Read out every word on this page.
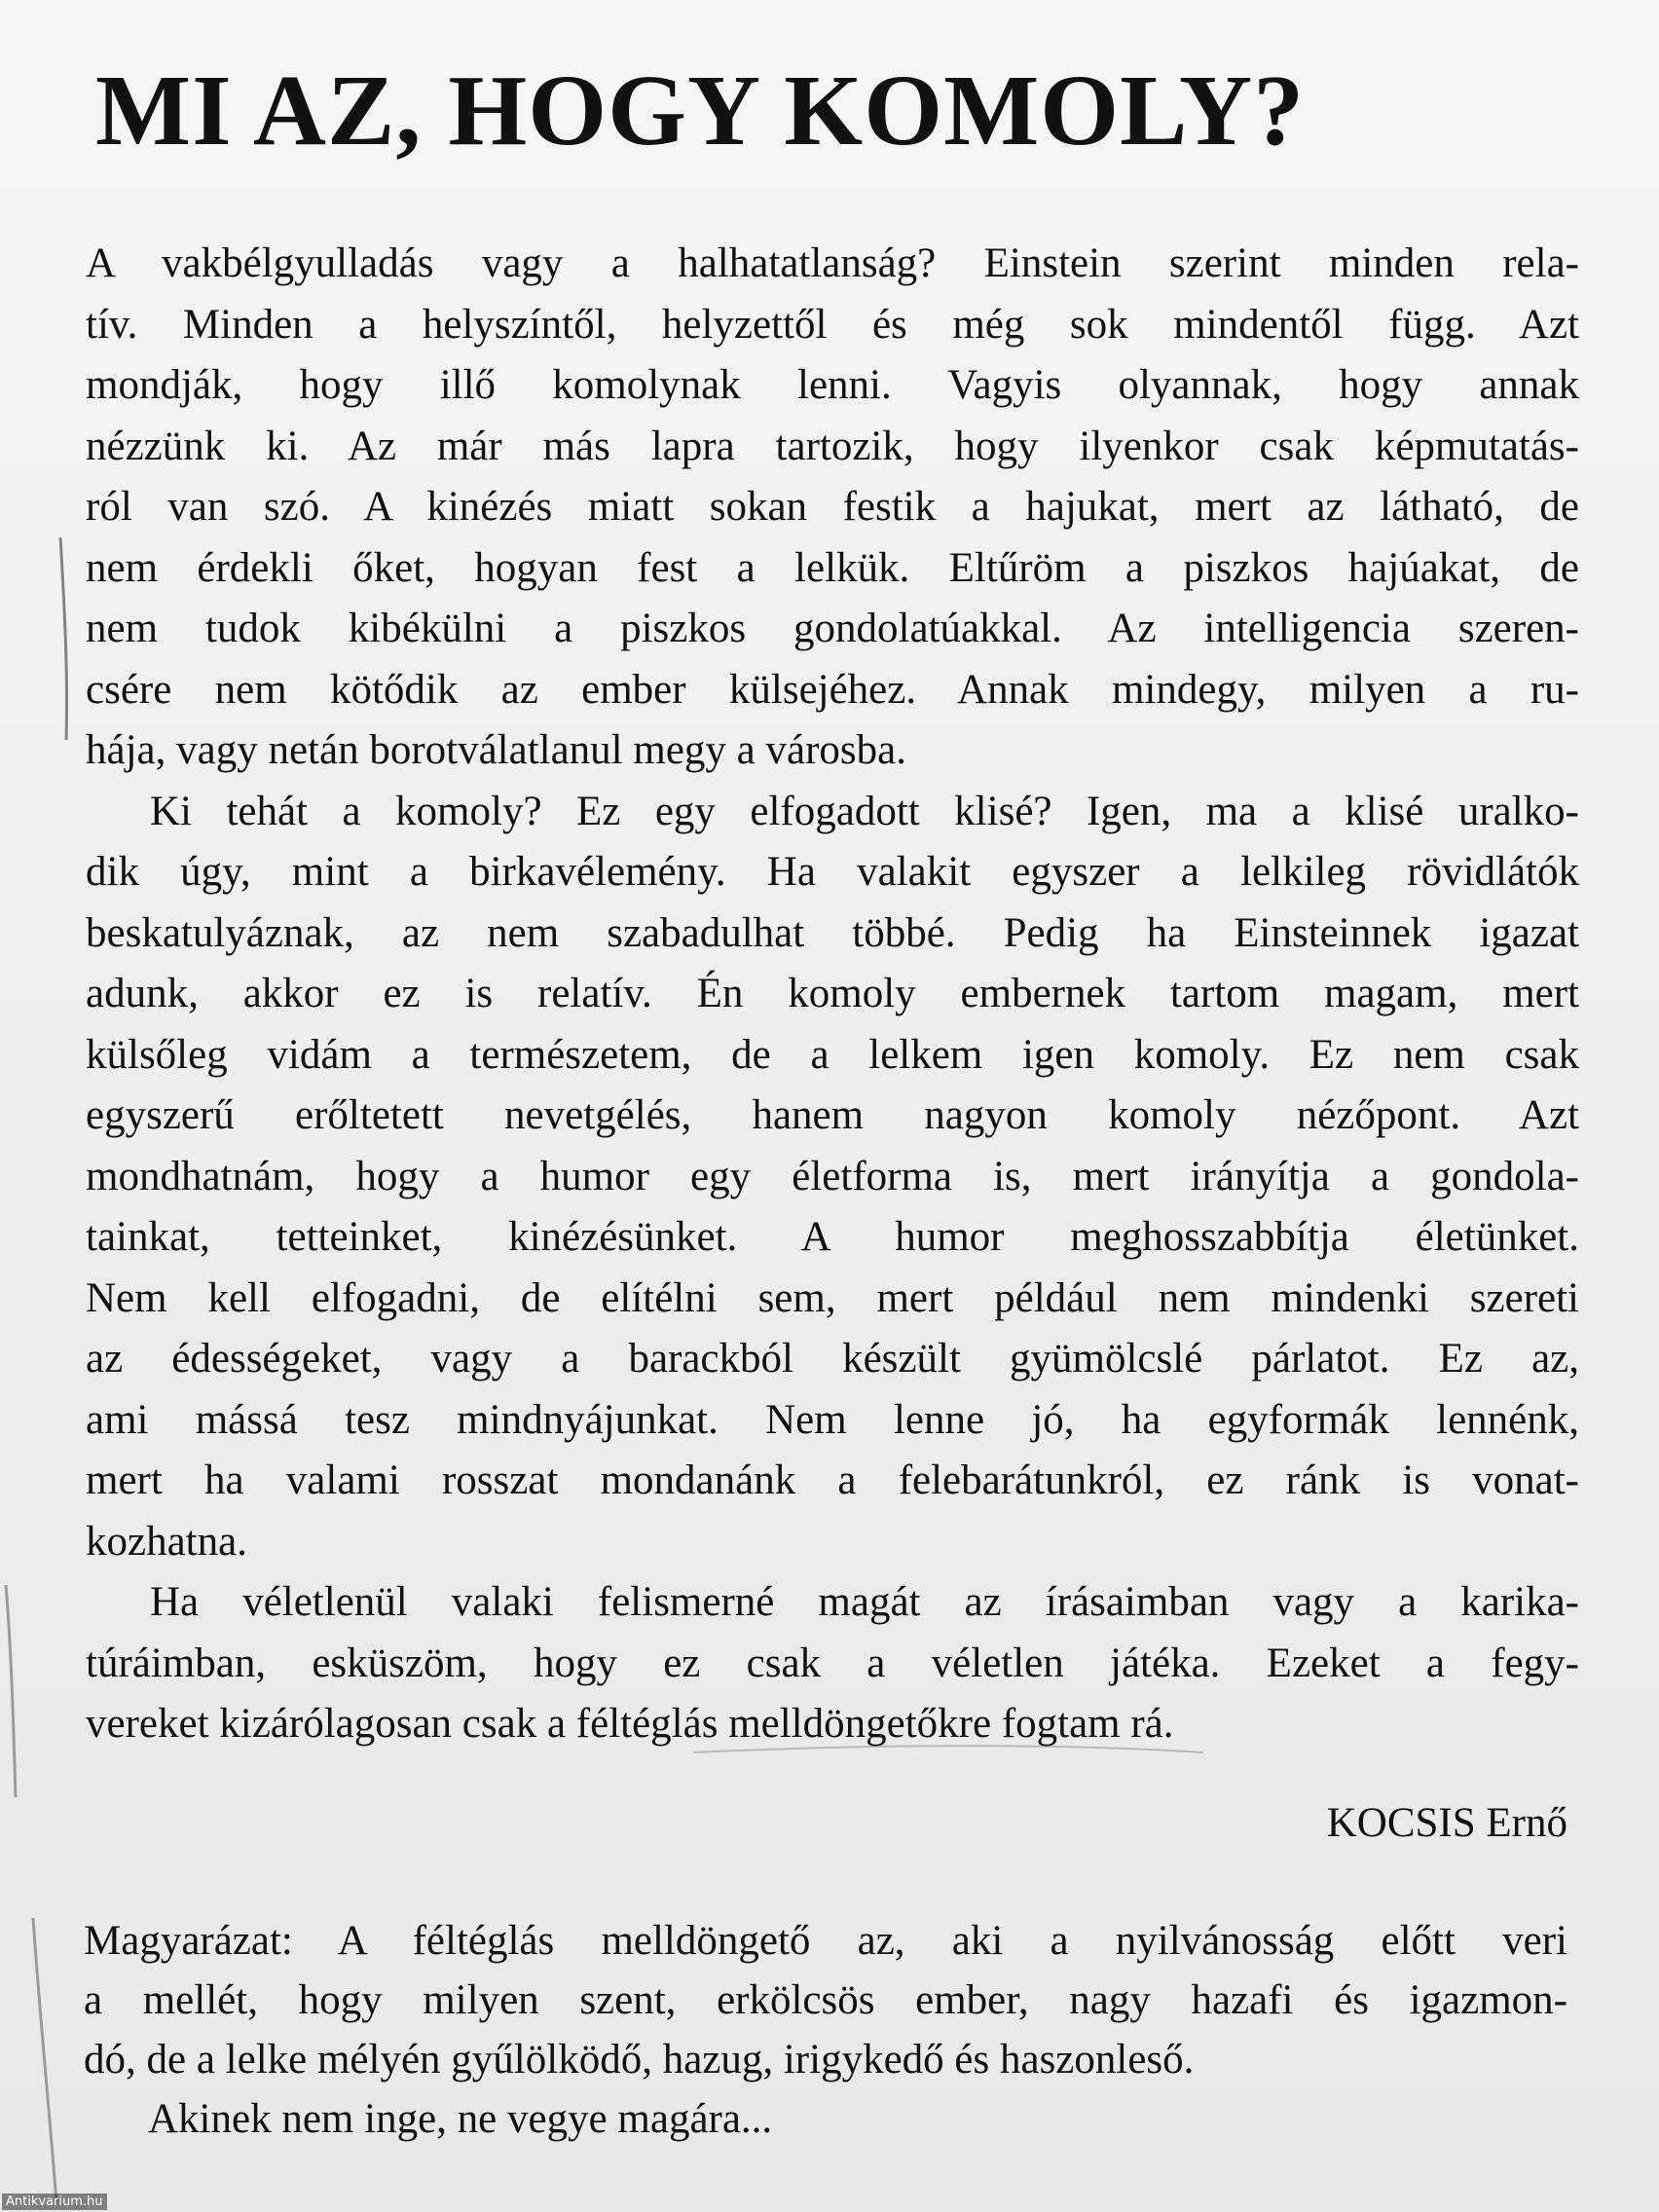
MI AZ, HOGY KOMOLY?

A vakbélgyulladás vagy a halhatatlanság? Einstein szerint minden rela-
tív. Minden a helyszíntől, helyzettől és még sok mindentől függ. Azt
mondják, hogy illő komolynak lenni. Vagyis olyannak, hogy annak
nézzünk ki. Az már más lapra tartozik, hogy ilyenkor csak képmutatás-
ról van szó. A kinézés miatt sokan festik a hajukat, mert az látható, de
nem érdekli őket, hogyan fest a lelkük. Eltűröm a piszkos hajúakat, de
nem tudok kibékülni a piszkos gondolatúakkal. Az intelligencia szeren-
csére nem kötődik az ember külsejéhez. Annak mindegy, milyen a ru-
hája, vagy netán borotválatlanul megy a városba.

Ki tehát a komoly? Ez egy elfogadott klisé? Igen, ma a klisé uralko-
dik úgy, mint a birkavélemény. Ha valakit egyszer a lelkileg rövidlátók
beskatulyáznak, az nem szabadulhat többé. Pedig ha Einsteinnek igazat
adunk, akkor ez is relatív. Én komoly embernek tartom magam, mert
külsőleg vidám a természetem, de a lelkem igen komoly. Ez nem csak
egyszerű erőltetett nevetgélés, hanem nagyon komoly nézőpont. Azt
mondhatnám, hogy a humor egy életforma is, mert irányítja a gondola-
tainkat, tetteinket, kinézésünket. A humor meghosszabbítja életünket.
Nem kell elfogadni, de elítélni sem, mert például nem mindenki szereti
az édességeket, vagy a barackból készült gyümölcslé párlatot. Ez az,
ami mássá tesz mindnyájunkat. Nem lenne jó, ha egyformák lennénk,
mert ha valami rosszat mondanánk a felebarátunkról, ez ránk is vonat-
kozhatna.

Ha véletlenül valaki felismerné magát az írásaimban vagy a karika-
túráimban, esküszöm, hogy ez csak a véletlen játéka. Ezeket a fegy-
vereket kizárólagosan csak a féltéglás melldöngetőkre fogtam rá.

KOCSIS Ernő

Magyarázat: A féltéglás melldöngető az, aki a nyilvánosság előtt veri
a mellét, hogy milyen szent, erkölcsös ember, nagy hazafi és igazmon-
dó, de a lelke mélyén gyűlölködő, hazug, irigykedő és haszonleső.
Akinek nem inge, ne vegye magára...

Antikvarium.hu
